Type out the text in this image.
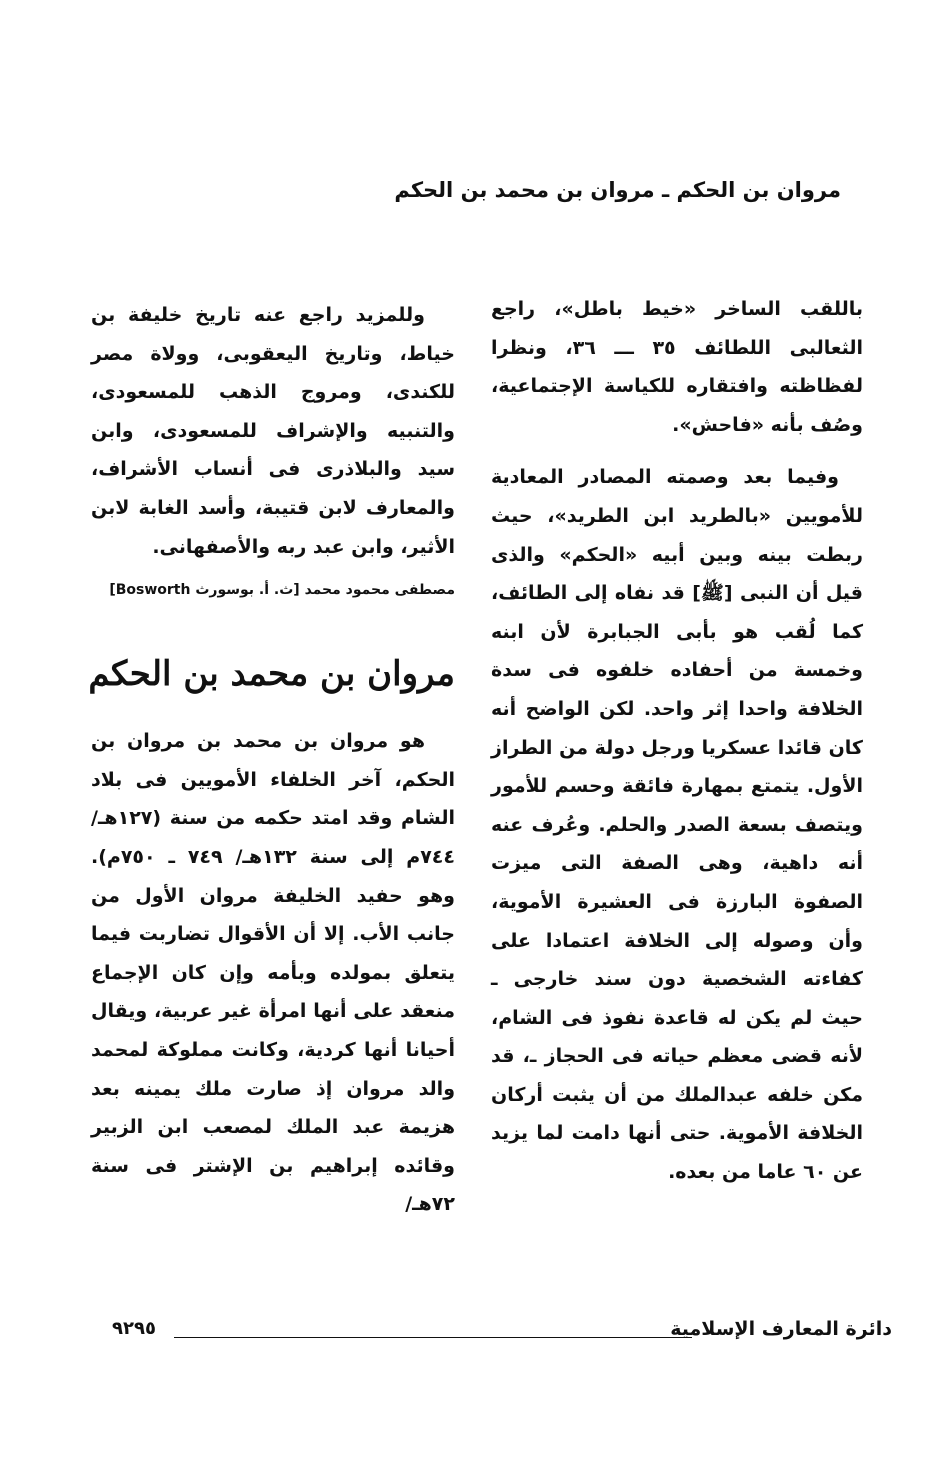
مروان بن الحكم ـ مروان بن محمد بن الحكم

باللقب الساخر «خيط باطل»، راجع الثعالبى اللطائف ٣٥ ـــ ٣٦، ونظرا لفظاظته وافتقاره للكياسة الإجتماعية، وصُف بأنه «فاحش».

وفيما بعد وصمته المصادر المعادية للأمويين «بالطريد ابن الطريد»، حيث ربطت بينه وبين أبيه «الحكم» والذى قيل أن النبى [ﷺ] قد نفاه إلى الطائف، كما لُقب هو بأبى الجبابرة لأن ابنه وخمسة من أحفاده خلفوه فى سدة الخلافة واحدا إثر واحد. لكن الواضح أنه كان قائدا عسكريا ورجل دولة من الطراز الأول. يتمتع بمهارة فائقة وحسم للأمور ويتصف بسعة الصدر والحلم. وعُرف عنه أنه داهية، وهى الصفة التى ميزت الصفوة البارزة فى العشيرة الأموية، وأن وصوله إلى الخلافة اعتمادا على كفاءته الشخصية دون سند خارجى ـ حيث لم يكن له قاعدة نفوذ فى الشام، لأنه قضى معظم حياته فى الحجاز ـ، قد مكن خلفه عبدالملك من أن يثبت أركان الخلافة الأموية. حتى أنها دامت لما يزيد عن ٦٠ عاما من بعده.

وللمزيد راجع عنه تاريخ خليفة بن خياط، وتاريخ اليعقوبى، وولاة مصر للكندى، ومروج الذهب للمسعودى، والتنبيه والإشراف للمسعودى، وابن سيد والبلاذرى فى أنساب الأشراف، والمعارف لابن قتيبة، وأسد الغابة لابن الأثير، وابن عبد ربه والأصفهانى.

مصطفى محمود محمد [ث. أ. بوسورث Bosworth]
مروان بن محمد بن الحكم

هو مروان بن محمد بن مروان بن الحكم، آخر الخلفاء الأمويين فى بلاد الشام وقد امتد حكمه من سنة (١٢٧هـ/ ٧٤٤م إلى سنة ١٣٢هـ/ ٧٤٩ ـ ٧٥٠م). وهو حفيد الخليفة مروان الأول من جانب الأب. إلا أن الأقوال تضاربت فيما يتعلق بمولده وبأمه وإن كان الإجماع منعقد على أنها امرأة غير عربية، ويقال أحيانا أنها كردية، وكانت مملوكة لمحمد والد مروان إذ صارت ملك يمينه بعد هزيمة عبد الملك لمصعب ابن الزبير وقائده إبراهيم بن الإشتر فى سنة ٧٢هـ/

دائرة المعارف الإسلامية
٩٢٩٥
